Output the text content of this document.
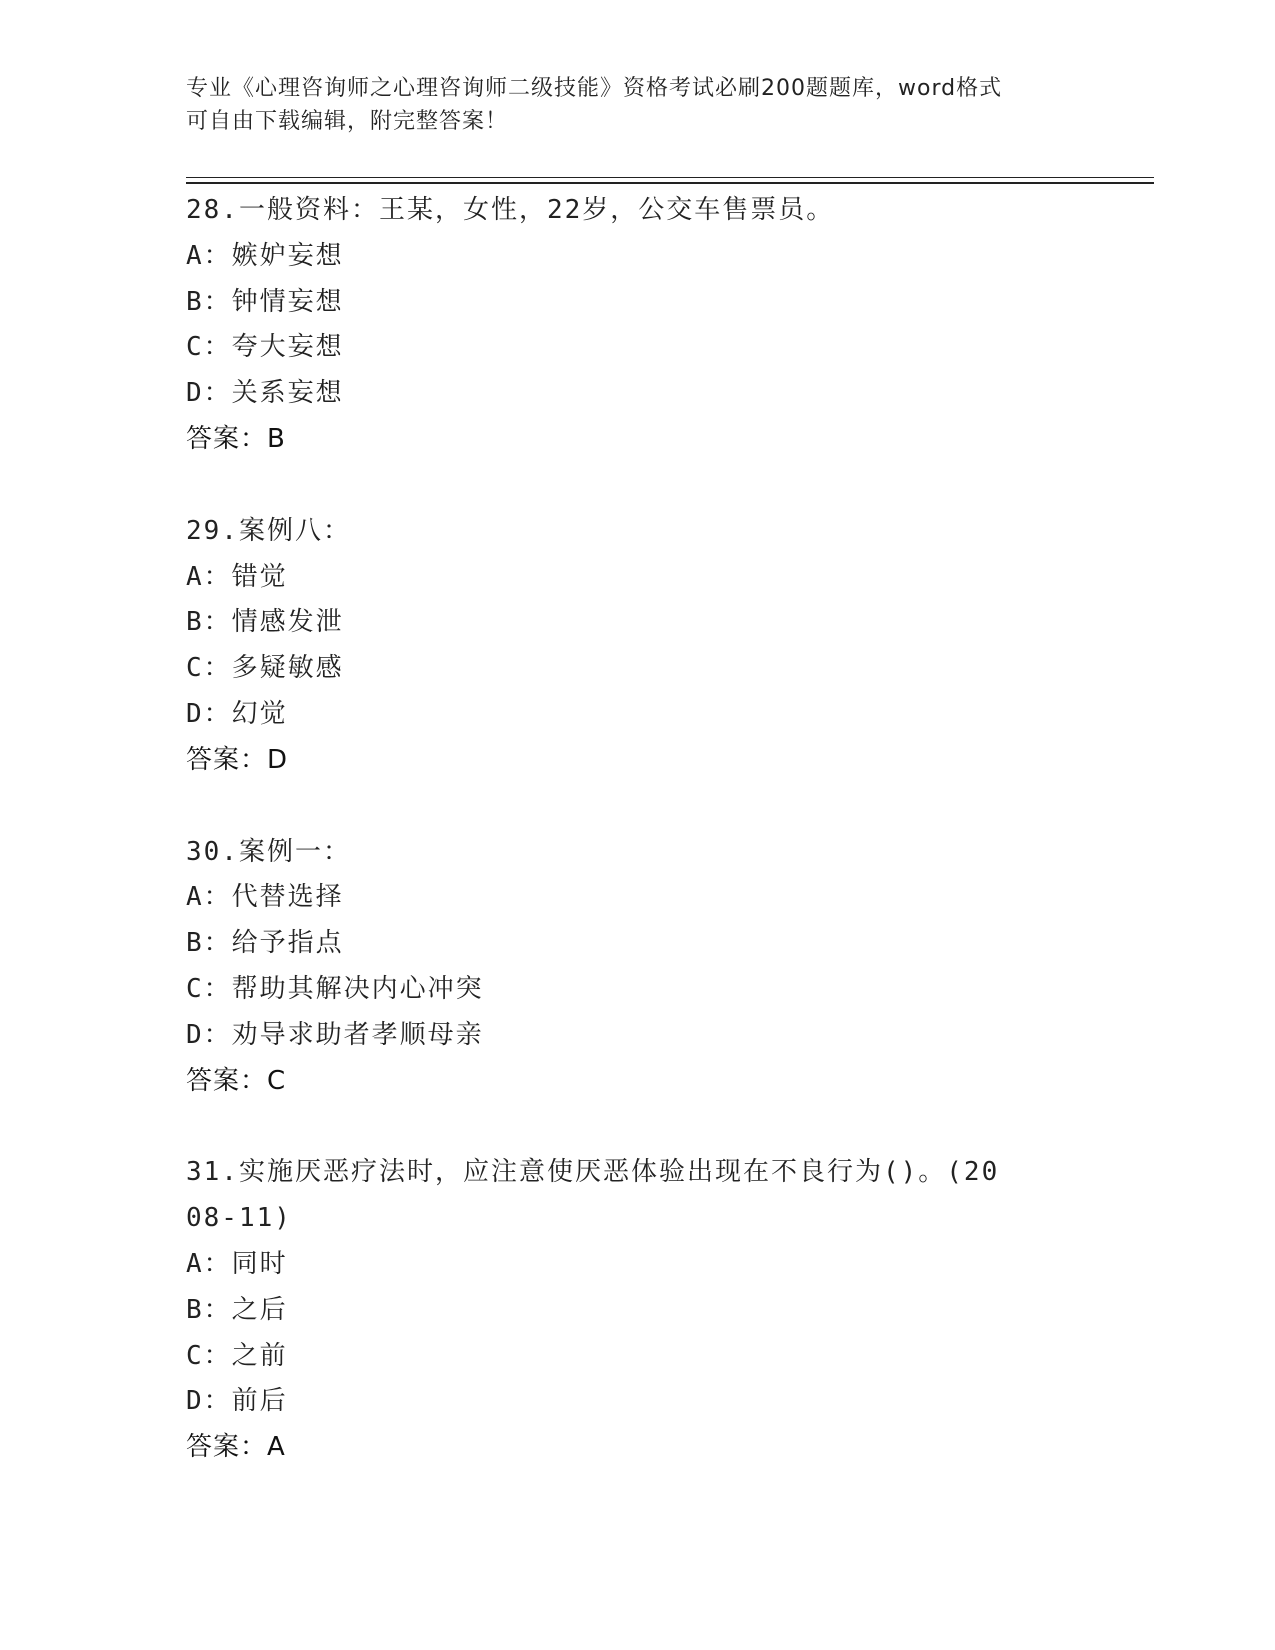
专业《心理咨询师之心理咨询师二级技能》资格考试必刷200题题库，word格式
可自由下载编辑，附完整答案！
28.一般资料：王某，女性，22岁，公交车售票员。
A：嫉妒妄想
B：钟情妄想
C：夸大妄想
D：关系妄想
答案：B
29.案例八：
A：错觉
B：情感发泄
C：多疑敏感
D：幻觉
答案：D
30.案例一：
A：代替选择
B：给予指点
C：帮助其解决内心冲突
D：劝导求助者孝顺母亲
答案：C
31.实施厌恶疗法时，应注意使厌恶体验出现在不良行为()。(2008-11)
A：同时
B：之后
C：之前
D：前后
答案：A
